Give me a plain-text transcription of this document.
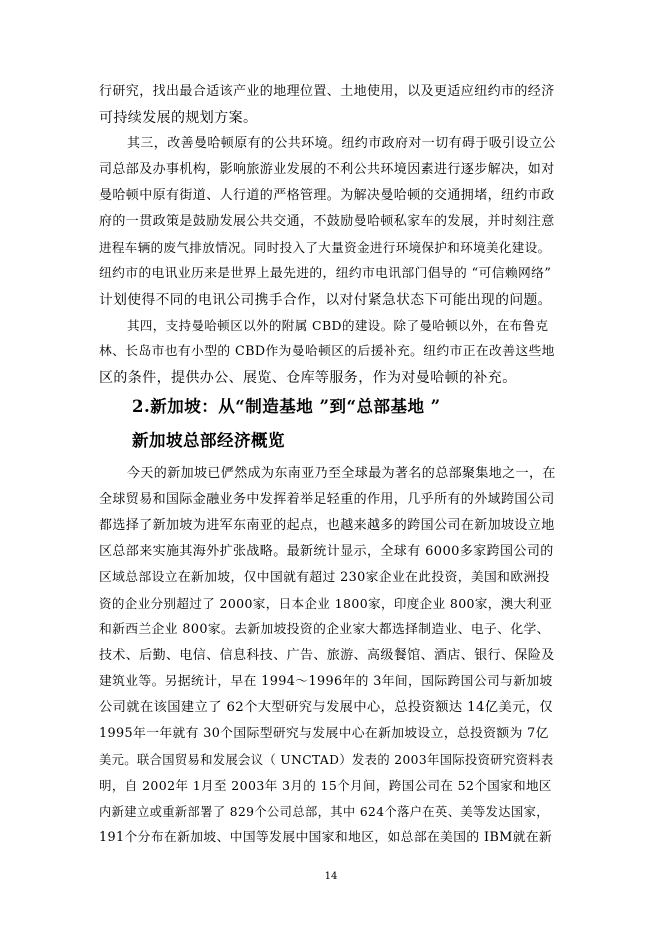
行研究，找出最合适该产业的地理位置、土地使用，以及更适应纽约市的经济
可持续发展的规划方案。
其三，改善曼哈顿原有的公共环境。纽约市政府对一切有碍于吸引设立公
司总部及办事机构，影响旅游业发展的不利公共环境因素进行逐步解决，如对
曼哈顿中原有街道、人行道的严格管理。为解决曼哈顿的交通拥堵，纽约市政
府的一贯政策是鼓励发展公共交通，不鼓励曼哈顿私家车的发展，并时刻注意
进程车辆的废气排放情况。同时投入了大量资金进行环境保护和环境美化建设。
纽约市的电讯业历来是世界上最先进的，纽约市电讯部门倡导的 “可信赖网络”
计划使得不同的电讯公司携手合作，以对付紧急状态下可能出现的问题。
其四，支持曼哈顿区以外的附属 CBD的建设。除了曼哈顿以外，在布鲁克
林、长岛市也有小型的 CBD作为曼哈顿区的后援补充。纽约市正在改善这些地
区的条件，提供办公、展览、仓库等服务，作为对曼哈顿的补充。
2.新加坡：从“制造基地 ”到“总部基地 ”
新加坡总部经济概览
今天的新加坡已俨然成为东南亚乃至全球最为著名的总部聚集地之一，在
全球贸易和国际金融业务中发挥着举足轻重的作用，几乎所有的外域跨国公司
都选择了新加坡为进军东南亚的起点，也越来越多的跨国公司在新加坡设立地
区总部来实施其海外扩张战略。最新统计显示，全球有 6000多家跨国公司的
区域总部设立在新加坡，仅中国就有超过 230家企业在此投资，美国和欧洲投
资的企业分别超过了 2000家，日本企业 1800家，印度企业 800家，澳大利亚
和新西兰企业 800家。去新加坡投资的企业家大都选择制造业、电子、化学、
技术、后勤、电信、信息科技、广告、旅游、高级餐馆、酒店、银行、保险及
建筑业等。另据统计，早在 1994～1996年的 3年间，国际跨国公司与新加坡
公司就在该国建立了 62个大型研究与发展中心，总投资额达 14亿美元，仅
1995年一年就有 30个国际型研究与发展中心在新加坡设立，总投资额为 7亿
美元。联合国贸易和发展会议（ UNCTAD）发表的 2003年国际投资研究资料表
明，自 2002年 1月至 2003年 3月的 15个月间，跨国公司在 52个国家和地区
内新建立或重新部署了 829个公司总部，其中 624个落户在英、美等发达国家，
191个分布在新加坡、中国等发展中国家和地区，如总部在美国的 IBM就在新
14
